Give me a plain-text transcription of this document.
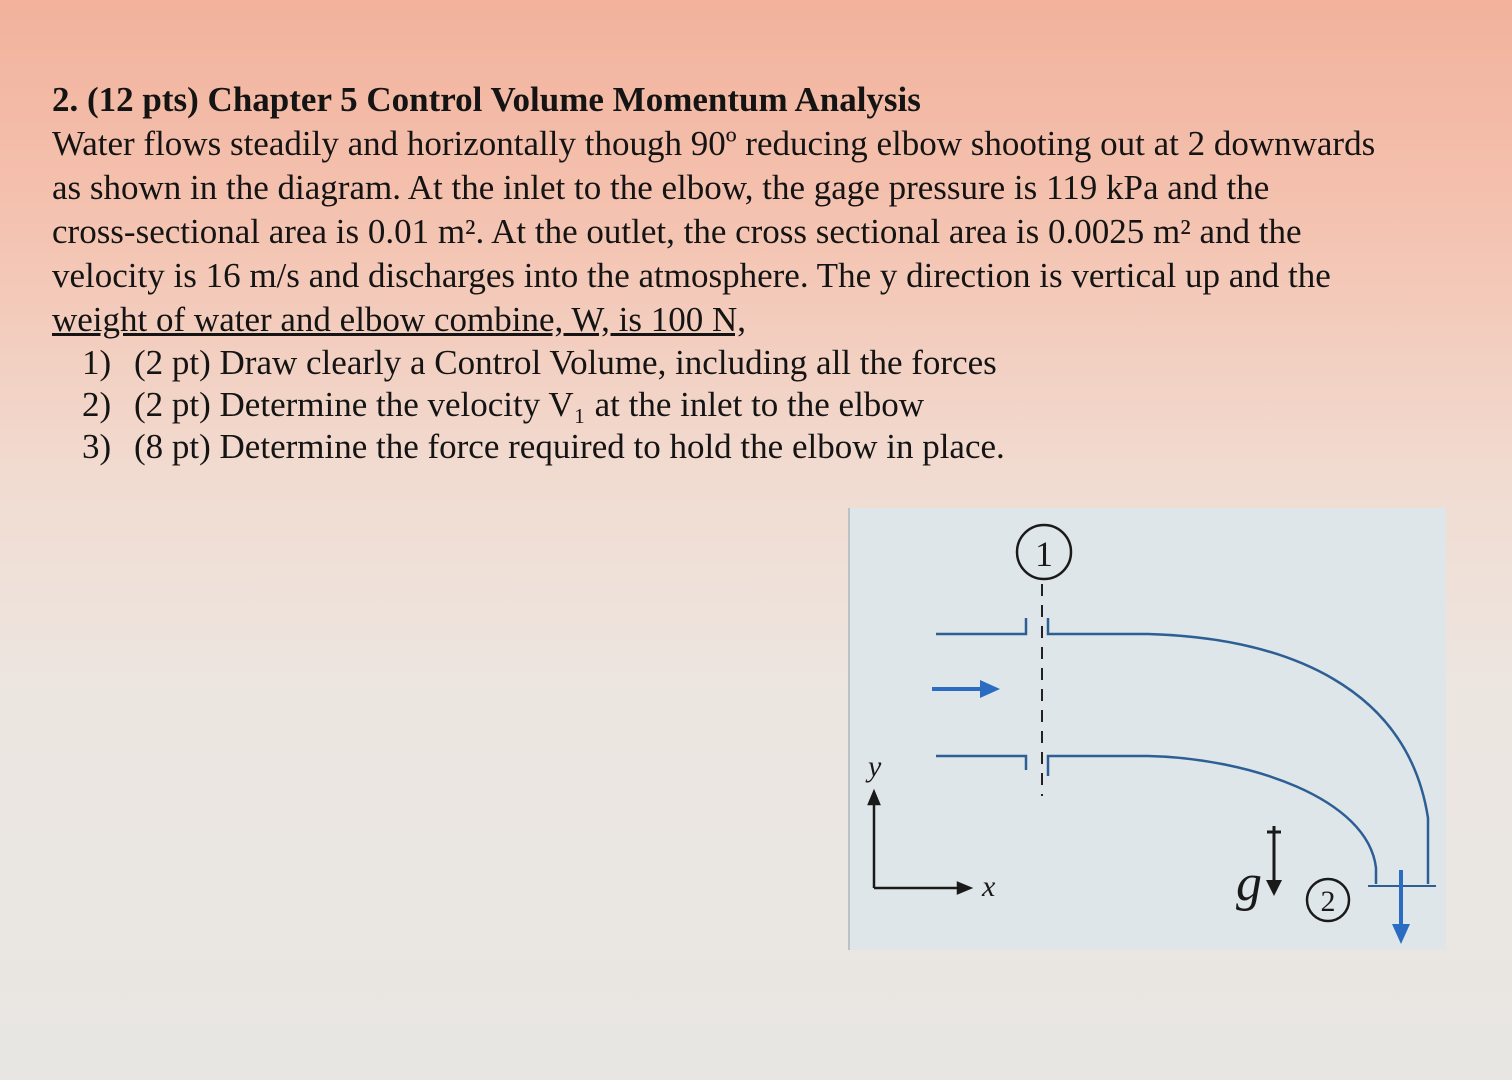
2. (12 pts) Chapter 5 Control Volume Momentum Analysis
Water flows steadily and horizontally though 90º reducing elbow shooting out at 2 downwards
as shown in the diagram. At the inlet to the elbow, the gage pressure is 119 kPa and the
cross-sectional area is 0.01 m². At the outlet, the cross sectional area is 0.0025 m² and the
velocity is 16 m/s and discharges into the atmosphere. The y direction is vertical up and the
weight of water and elbow combine, W, is 100 N,
1) (2 pt) Draw clearly a Control Volume, including all the forces
2) (2 pt) Determine the velocity V₁ at the inlet to the elbow
3) (8 pt) Determine the force required to hold the elbow in place.
1
y
x	g 2
